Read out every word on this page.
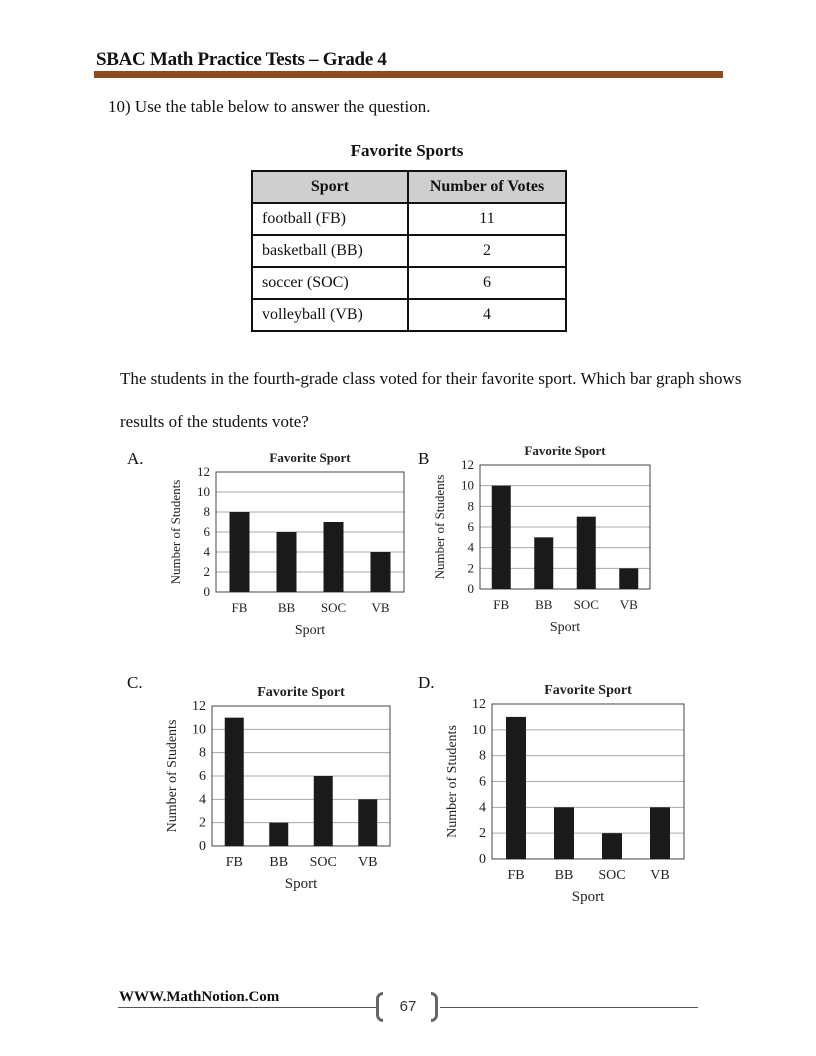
SBAC Math Practice Tests – Grade 4
10) Use the table below to answer the question.
Favorite Sports
Sport	Number of Votes
football (FB)	11
basketball (BB)	2
soccer (SOC)	6
volleyball (VB)	4
The students in the fourth-grade class voted for their favorite sport. Which bar graph shows results of the students vote?
A.	B
C.	D.
Favorite Sport
0
2
4
6
8
10
12
FB BB SOC VB
Sport
Number of Students
Favorite Sport
0
2
4
6
8
10
12
FB BB SOC VB
Sport
Number of Students
Favorite Sport
0
2
4
6
8
10
12
FB BB SOC VB
Sport
Number of Students
Favorite Sport
0
2
4
6
8
10
12
FB BB SOC VB
Sport
Number of Students
WWW.MathNotion.Com
67
